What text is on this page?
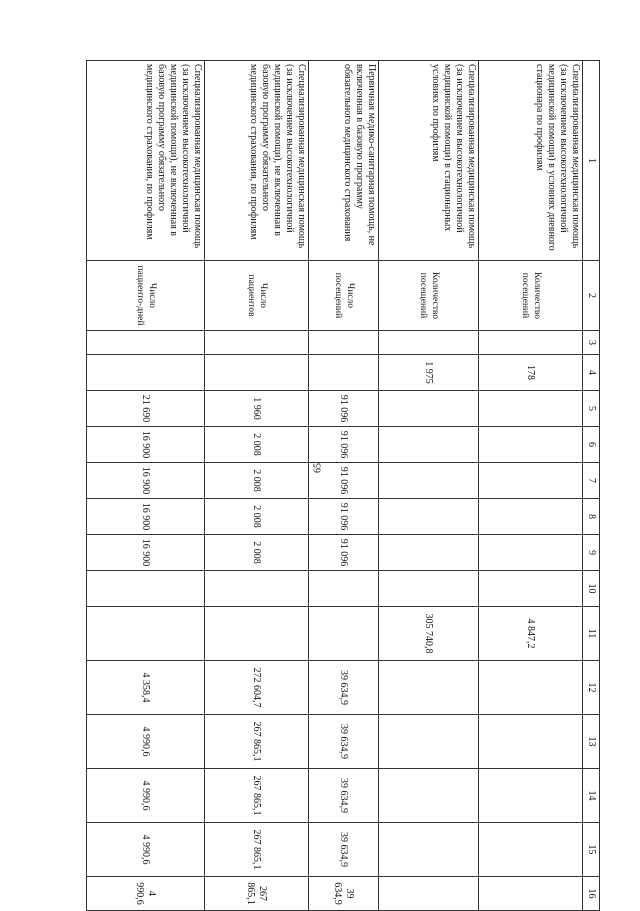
65
1	2	3	4	5	6	7	8	9	10	11	12	13	14	15	16
Специализированная медицинская помощь (за исключением высокотехнологичной медицинской помощи) в условиях дневного стационара по профилям	Количество посещений		178							4 847,2					
Специализированная медицинская помощь (за исключением высокотехнологичной медицинской помощи) в стационарных условиях по профилям	Количество посещений		1 975							305 740,8					
Первичная медико-санитарная помощь, не включенная в базовую программу обязательного медицинского страхования	Число посещений			91 096	91 096	91 096	91 096	91 096			39 634,9	39 634,9	39 634,9	39 634,9	39 634,9
Специализированная медицинская помощь (за исключением высокотехнологичной медицинской помощи), не включенная в базовую программу обязательного медицинского страхования, по профилям	Число пациентов			1 960	2 008	2 008	2 008	2 008			272 604,7	267 865,1	267 865,1	267 865,1	267 865,1
Специализированная медицинская помощь (за исключением высокотехнологичной медицинской помощи), не включенная в базовую программу обязательного медицинского страхования, по профилям	Число пациенто-дней			21 690	16 900	16 900	16 900	16 900			4 358,4	4 990,6	4 990,6	4 990,6	4 990,6
